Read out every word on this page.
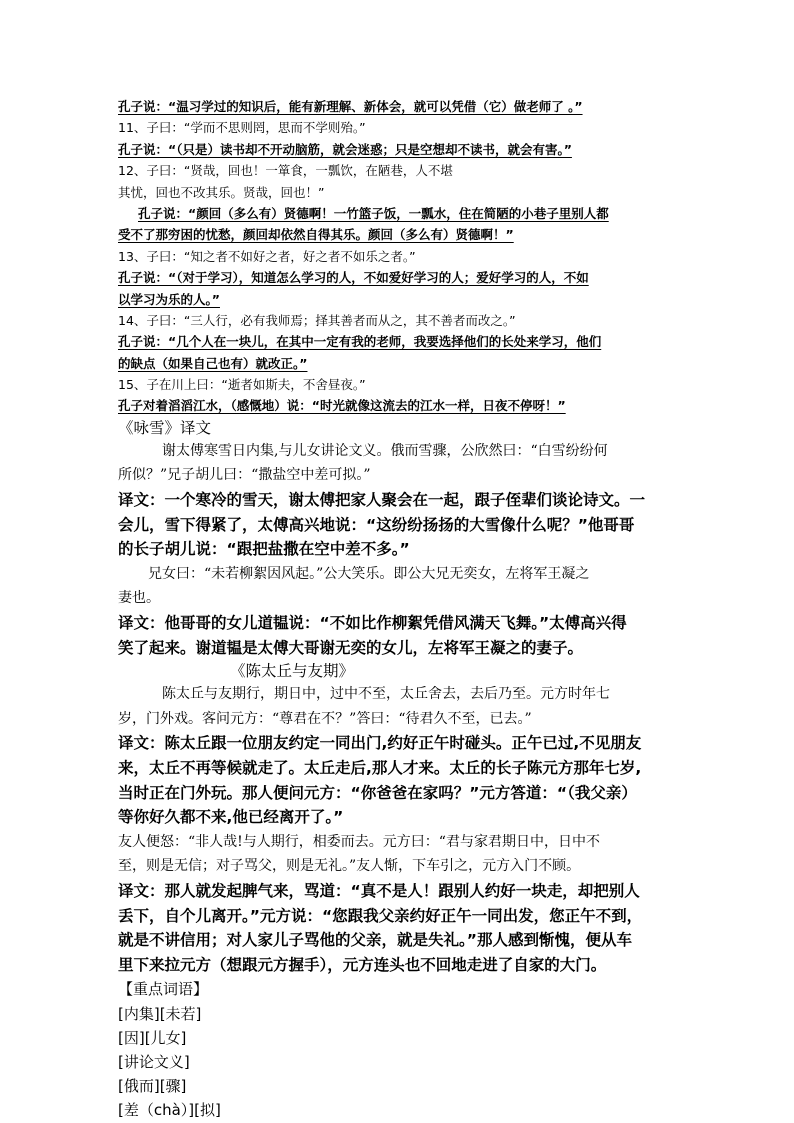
孔子说：“温习学过的知识后，能有新理解、新体会，就可以凭借（它）做老师了 。”
11、子曰：“学而不思则罔，思而不学则殆。”
孔子说：“（只是）读书却不开动脑筋，就会迷惑；只是空想却不读书，就会有害。”
12、子曰：“贤哉，回也！一箪食，一瓢饮，在陋巷，人不堪
其忧，回也不改其乐。贤哉，回也！”
孔子说：“颜回（多么有）贤德啊！一竹篮子饭，一瓢水，住在简陋的小巷子里别人都
受不了那穷困的忧愁，颜回却依然自得其乐。颜回（多么有）贤德啊！”
13、子曰：“知之者不如好之者，好之者不如乐之者。”
孔子说：“（对于学习），知道怎么学习的人，不如爱好学习的人；爱好学习的人，不如
以学习为乐的人。”
14、子曰：“三人行，必有我师焉；择其善者而从之，其不善者而改之。”
孔子说：“几个人在一块儿，在其中一定有我的老师，我要选择他们的长处来学习，他们
的缺点（如果自己也有）就改正。”
15、子在川上曰：“逝者如斯夫，不舍昼夜。”
孔子对着滔滔江水，（感慨地）说：“时光就像这流去的江水一样，日夜不停呀！”
《咏雪》译文
谢太傅寒雪日内集,与儿女讲论文义。俄而雪骤，公欣然曰：“白雪纷纷何
所似？”兄子胡儿曰：“撒盐空中差可拟。”
译文：一个寒冷的雪天，谢太傅把家人聚会在一起，跟子侄辈们谈论诗文。一
会儿，雪下得紧了，太傅高兴地说：“这纷纷扬扬的大雪像什么呢？”他哥哥
的长子胡儿说：“跟把盐撒在空中差不多。”
兄女曰：“未若柳絮因风起。”公大笑乐。即公大兄无奕女，左将军王凝之
妻也。
译文：他哥哥的女儿道韫说：“不如比作柳絮凭借风满天飞舞。”太傅高兴得
笑了起来。谢道韫是太傅大哥谢无奕的女儿，左将军王凝之的妻子。
《陈太丘与友期》
陈太丘与友期行，期日中，过中不至，太丘舍去，去后乃至。元方时年七
岁，门外戏。客问元方：“尊君在不？”答曰：“待君久不至，已去。”
译文：陈太丘跟一位朋友约定一同出门,约好正午时碰头。正午已过,不见朋友
来，太丘不再等候就走了。太丘走后,那人才来。太丘的长子陈元方那年七岁,
当时正在门外玩。那人便问元方：“你爸爸在家吗？”元方答道：“（我父亲）
等你好久都不来,他已经离开了。”
友人便怒：“非人哉!与人期行，相委而去。元方曰：“君与家君期日中，日中不
至，则是无信；对子骂父，则是无礼。”友人惭，下车引之，元方入门不顾。
译文：那人就发起脾气来，骂道：“真不是人！跟别人约好一块走，却把别人
丢下，自个儿离开。”元方说：“您跟我父亲约好正午一同出发，您正午不到，
就是不讲信用；对人家儿子骂他的父亲，就是失礼。”那人感到惭愧，便从车
里下来拉元方（想跟元方握手），元方连头也不回地走进了自家的大门。
【重点词语】
[内集][未若]
[因][儿女]
[讲论文义]
[俄而][骤]
[差（chà）][拟]
